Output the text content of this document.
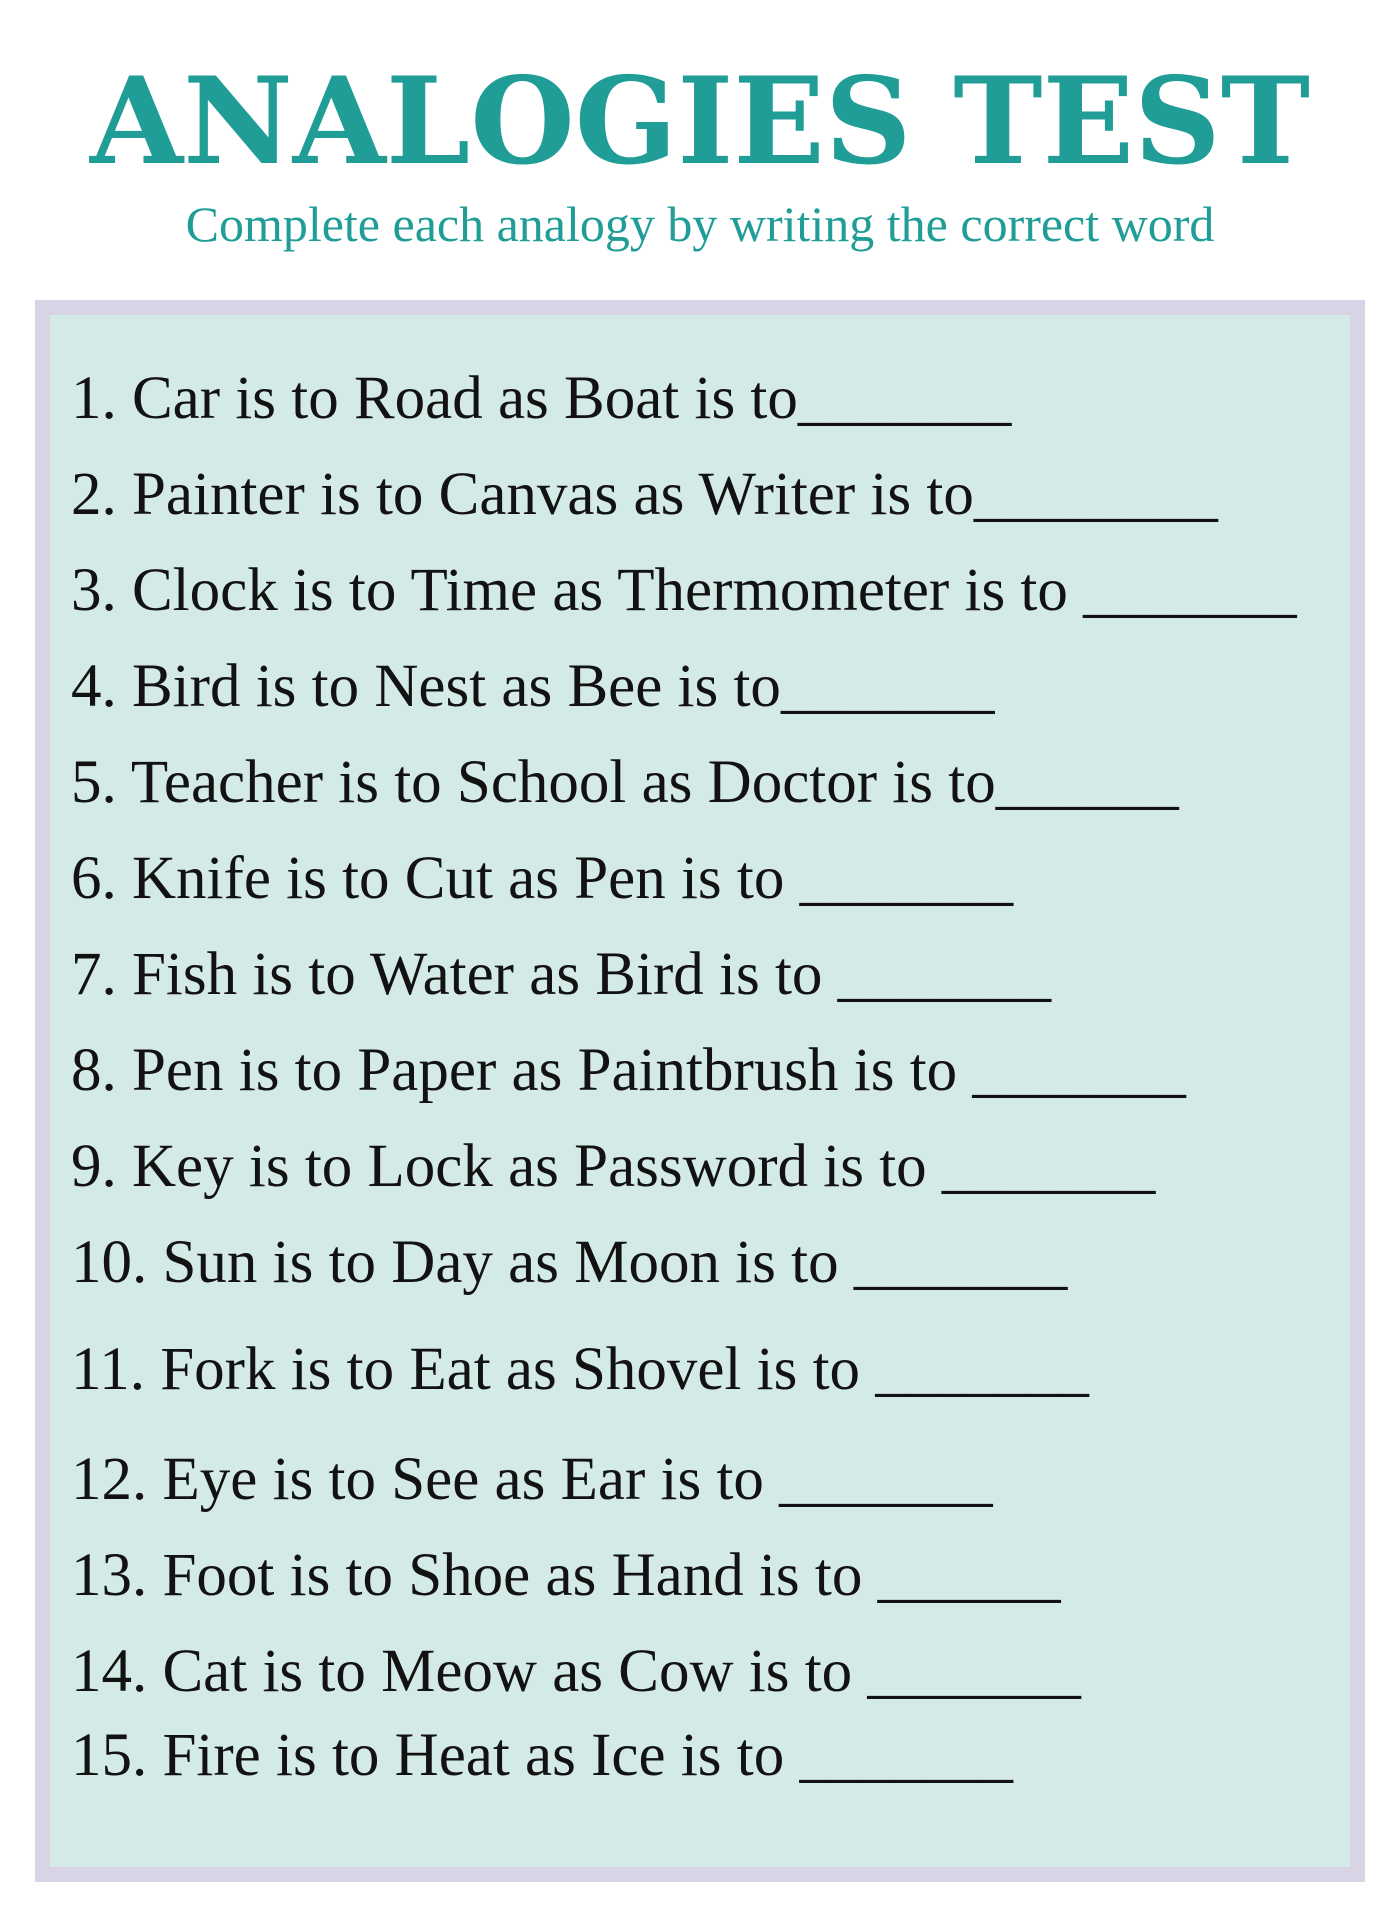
ANALOGIES TEST

Complete each analogy by writing the correct word

1. Car is to Road as Boat is to_______
2. Painter is to Canvas as Writer is to________
3. Clock is to Time as Thermometer is to _______
4. Bird is to Nest as Bee is to_______
5. Teacher is to School as Doctor is to______
6. Knife is to Cut as Pen is to _______
7. Fish is to Water as Bird is to _______
8. Pen is to Paper as Paintbrush is to _______
9. Key is to Lock as Password is to _______
10. Sun is to Day as Moon is to _______
11. Fork is to Eat as Shovel is to _______
12. Eye is to See as Ear is to _______
13. Foot is to Shoe as Hand is to ______
14. Cat is to Meow as Cow is to _______
15. Fire is to Heat as Ice is to _______
